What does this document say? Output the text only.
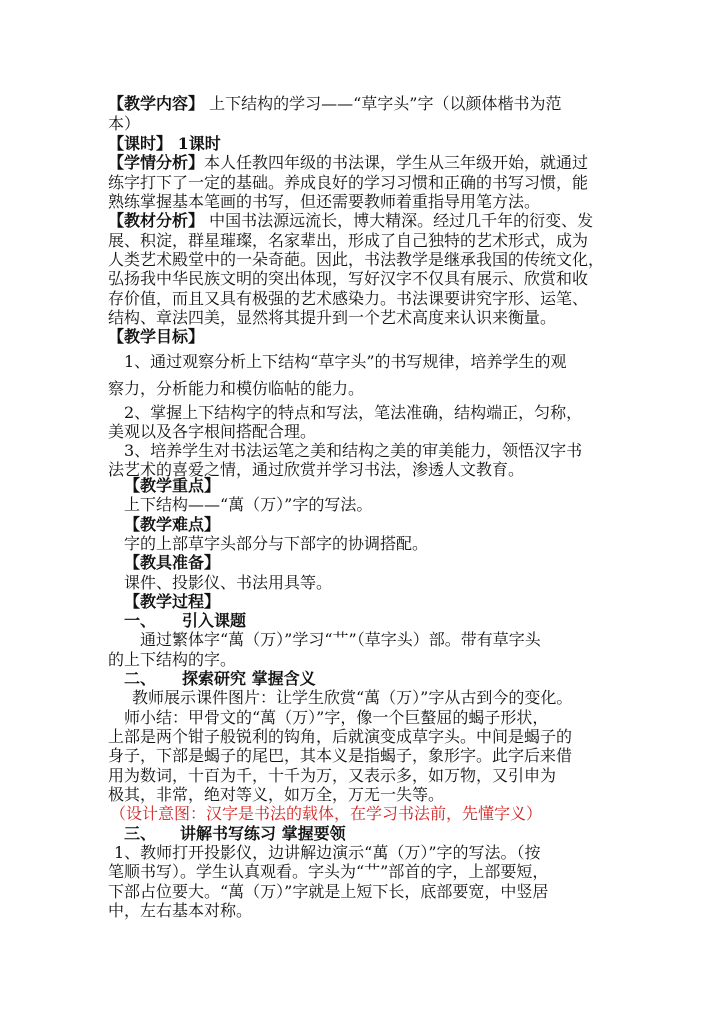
【教学内容】 上下结构的学习——“草字头”字（以颜体楷书为范
本）
【课时】 1课时
【学情分析】本人任教四年级的书法课，学生从三年级开始，就通过
练字打下了一定的基础。养成良好的学习习惯和正确的书写习惯，能
熟练掌握基本笔画的书写，但还需要教师着重指导用笔方法。
【教材分析】 中国书法源远流长，博大精深。经过几千年的衍变、发
展、积淀，群星璀璨，名家辈出，形成了自己独特的艺术形式，成为
人类艺术殿堂中的一朵奇葩。因此，书法教学是继承我国的传统文化，
弘扬我中华民族文明的突出体现，写好汉字不仅具有展示、欣赏和收
存价值，而且又具有极强的艺术感染力。书法课要讲究字形、运笔、
结构、章法四美，显然将其提升到一个艺术高度来认识来衡量。
【教学目标】
1、通过观察分析上下结构“草字头”的书写规律，培养学生的观
察力，分析能力和模仿临帖的能力。
2、掌握上下结构字的特点和写法，笔法准确，结构端正，匀称，
美观以及各字根间搭配合理。
3、培养学生对书法运笔之美和结构之美的审美能力，领悟汉字书
法艺术的喜爱之情，通过欣赏并学习书法，渗透人文教育。
【教学重点】
上下结构——“萬（万）”字的写法。
【教学难点】
字的上部草字头部分与下部字的协调搭配。
【教具准备】
课件、投影仪、书法用具等。
【教学过程】
一、 引入课题
通过繁体字“萬（万）”学习“艹”（草字头）部。带有草字头
的上下结构的字。
二、 探索研究 掌握含义
教师展示课件图片：让学生欣赏“萬（万）”字从古到今的变化。
师小结：甲骨文的“萬（万）”字，像一个巨螯屈的蝎子形状，
上部是两个钳子般锐利的钩角，后就演变成草字头。中间是蝎子的
身子，下部是蝎子的尾巴，其本义是指蝎子，象形字。此字后来借
用为数词，十百为千，十千为万，又表示多，如万物，又引申为
极其，非常，绝对等义，如万全，万无一失等。
（设计意图：汉字是书法的载体，在学习书法前，先懂字义）
三、 讲解书写练习 掌握要领
1、教师打开投影仪，边讲解边演示“萬（万）”字的写法。（按
笔顺书写）。学生认真观看。字头为“艹”部首的字，上部要短，
下部占位要大。“萬（万）”字就是上短下长，底部要宽，中竖居
中，左右基本对称。
